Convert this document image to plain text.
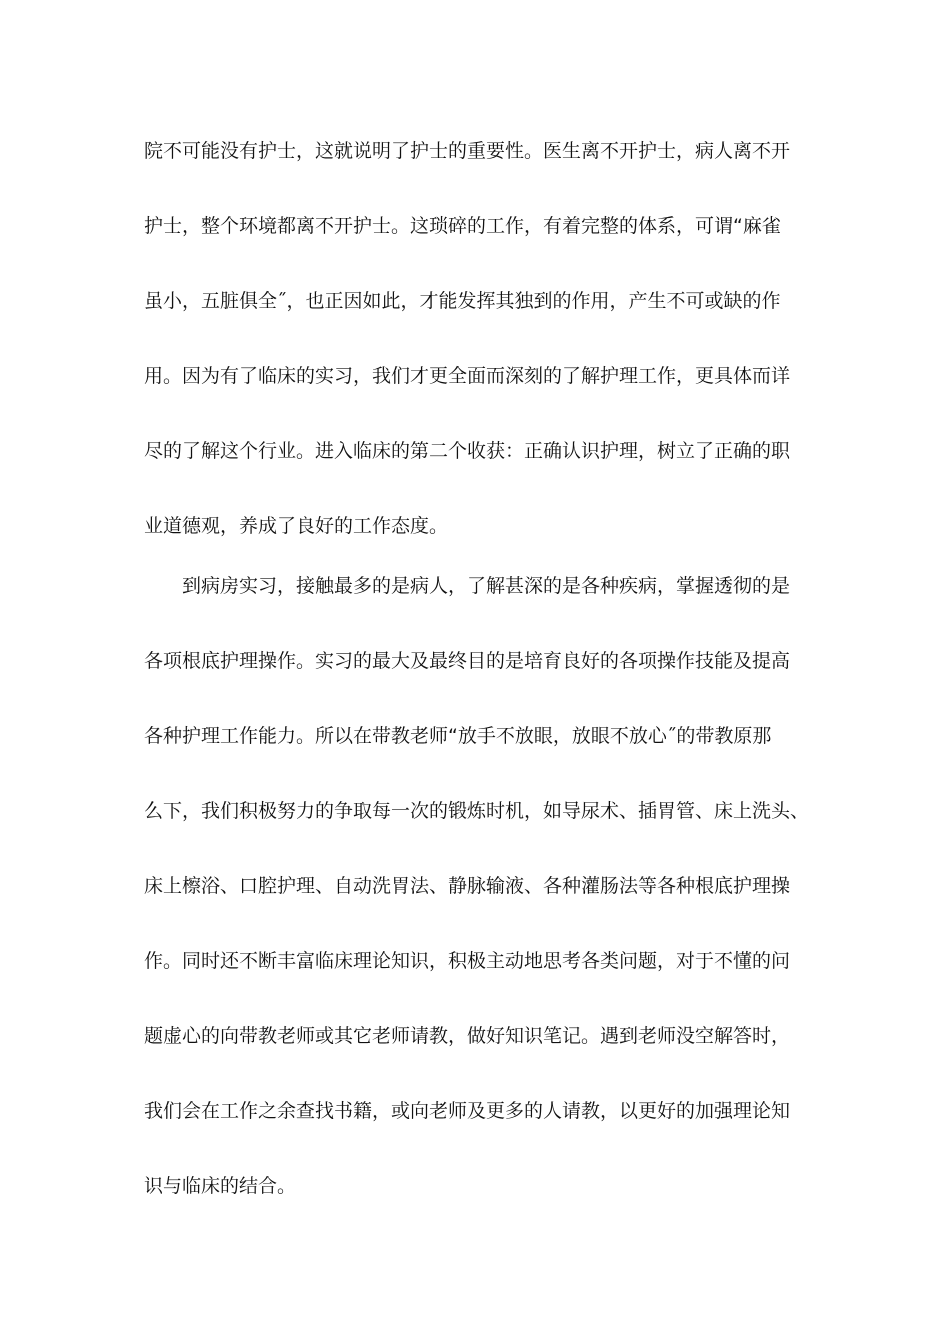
院不可能没有护士，这就说明了护士的重要性。医生离不开护士，病人离不开
护士，整个环境都离不开护士。这琐碎的工作，有着完整的体系，可谓“麻雀
虽小，五脏俱全˝，也正因如此，才能发挥其独到的作用，产生不可或缺的作
用。因为有了临床的实习，我们才更全面而深刻的了解护理工作，更具体而详
尽的了解这个行业。进入临床的第二个收获：正确认识护理，树立了正确的职
业道德观，养成了良好的工作态度。
到病房实习，接触最多的是病人，了解甚深的是各种疾病，掌握透彻的是
各项根底护理操作。实习的最大及最终目的是培育良好的各项操作技能及提高
各种护理工作能力。所以在带教老师“放手不放眼，放眼不放心˝的带教原那
么下，我们积极努力的争取每一次的锻炼时机，如导尿术、插胃管、床上洗头、
床上檫浴、口腔护理、自动洗胃法、静脉输液、各种灌肠法等各种根底护理操
作。同时还不断丰富临床理论知识，积极主动地思考各类问题，对于不懂的问
题虚心的向带教老师或其它老师请教，做好知识笔记。遇到老师没空解答时，
我们会在工作之余查找书籍，或向老师及更多的人请教，以更好的加强理论知
识与临床的结合。
